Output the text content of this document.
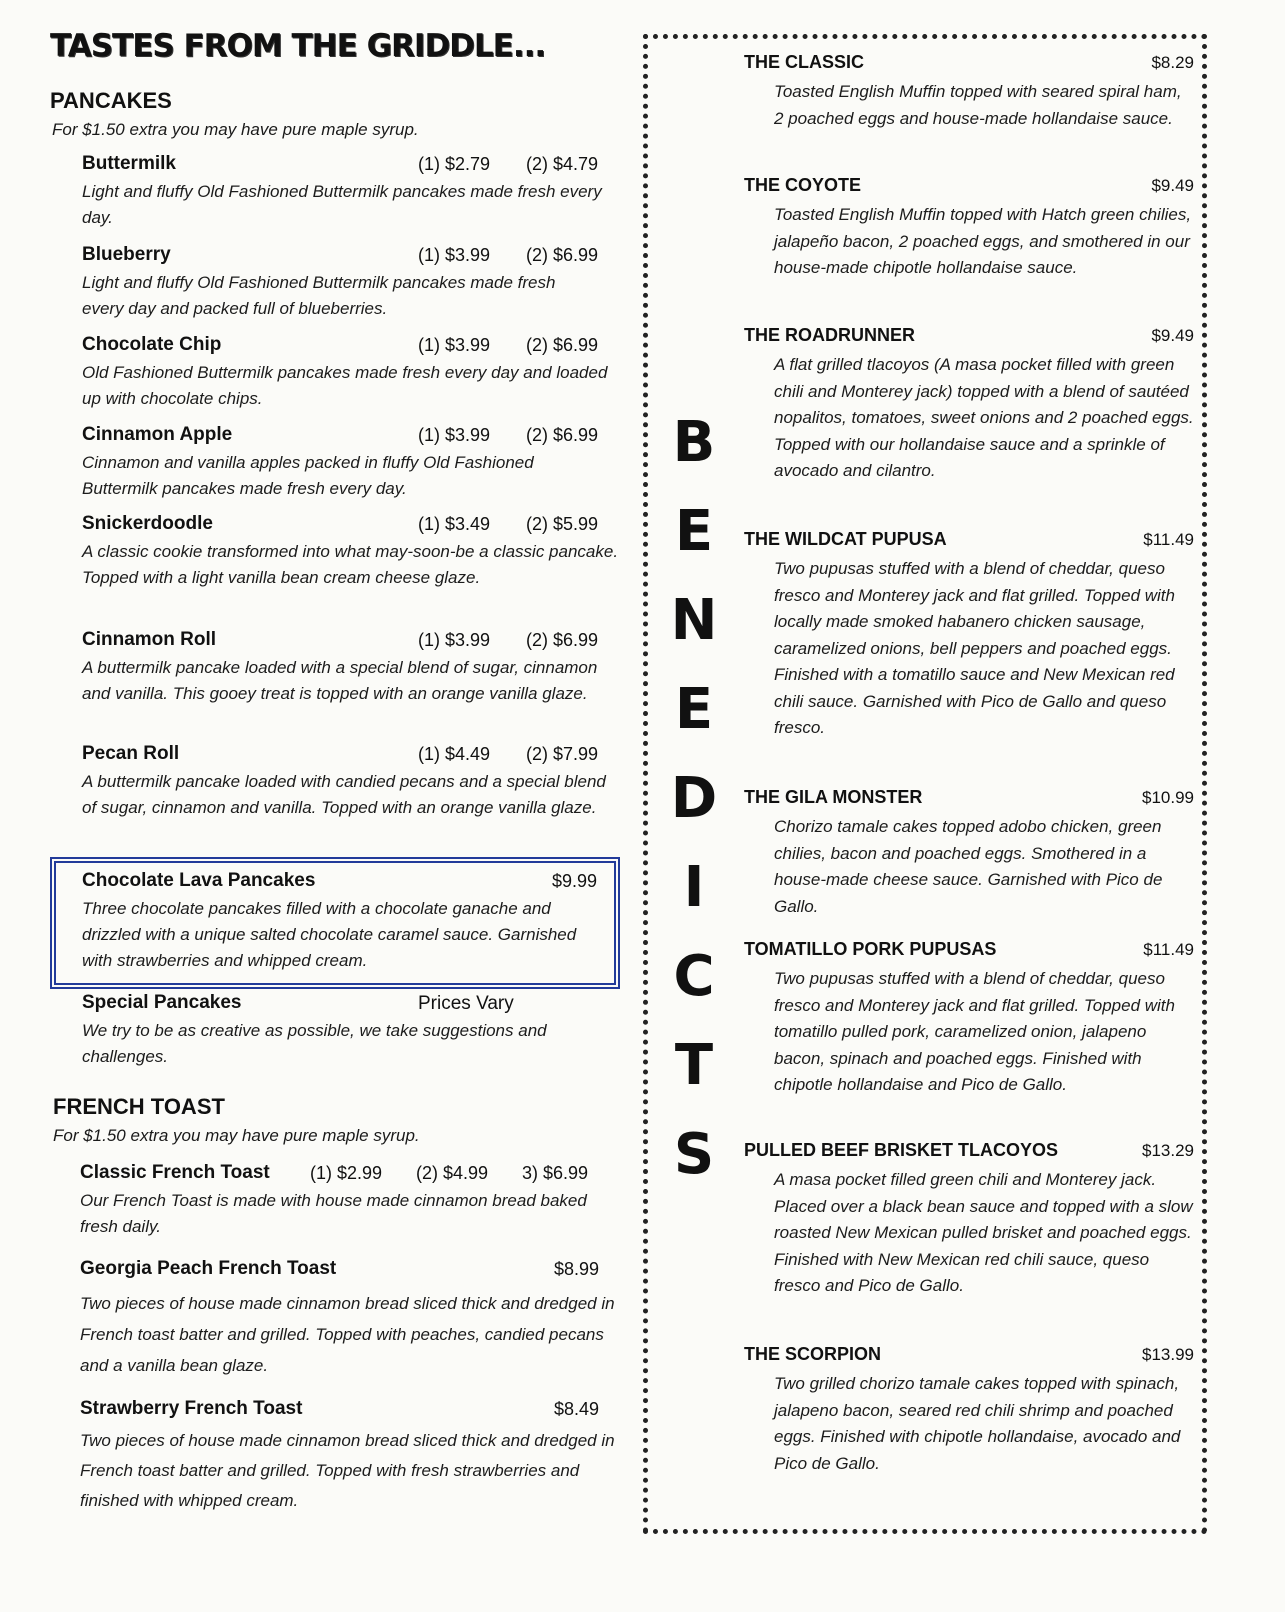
TASTES FROM THE GRIDDLE...
PANCAKES
For $1.50 extra you may have pure maple syrup.
Buttermilk	(1) $2.79 (2) $4.79
Light and fluffy Old Fashioned Buttermilk pancakes made fresh every day.
Blueberry	(1) $3.99 (2) $6.99
Light and fluffy Old Fashioned Buttermilk pancakes made fresh every day and packed full of blueberries.
Chocolate Chip	(1) $3.99 (2) $6.99
Old Fashioned Buttermilk pancakes made fresh every day and loaded up with chocolate chips.
Cinnamon Apple	(1) $3.99 (2) $6.99
Cinnamon and vanilla apples packed in fluffy Old Fashioned Buttermilk pancakes made fresh every day.
Snickerdoodle	(1) $3.49 (2) $5.99
A classic cookie transformed into what may-soon-be a classic pancake. Topped with a light vanilla bean cream cheese glaze.
Cinnamon Roll	(1) $3.99 (2) $6.99
A buttermilk pancake loaded with a special blend of sugar, cinnamon and vanilla. This gooey treat is topped with an orange vanilla glaze.
Pecan Roll	(1) $4.49 (2) $7.99
A buttermilk pancake loaded with candied pecans and a special blend of sugar, cinnamon and vanilla. Topped with an orange vanilla glaze.
Chocolate Lava Pancakes	$9.99
Three chocolate pancakes filled with a chocolate ganache and drizzled with a unique salted chocolate caramel sauce. Garnished with strawberries and whipped cream.
Special Pancakes	Prices Vary
We try to be as creative as possible, we take suggestions and challenges.
FRENCH TOAST
For $1.50 extra you may have pure maple syrup.
Classic French Toast (1) $2.99 (2) $4.99 3) $6.99
Our French Toast is made with house made cinnamon bread baked fresh daily.
Georgia Peach French Toast	$8.99
Two pieces of house made cinnamon bread sliced thick and dredged in French toast batter and grilled. Topped with peaches, candied pecans and a vanilla bean glaze.
Strawberry French Toast	$8.49
Two pieces of house made cinnamon bread sliced thick and dredged in French toast batter and grilled. Topped with fresh strawberries and finished with whipped cream.
B
E
N
E
D
I
C
T
S
THE CLASSIC	$8.29
Toasted English Muffin topped with seared spiral ham, 2 poached eggs and house-made hollandaise sauce.
THE COYOTE	$9.49
Toasted English Muffin topped with Hatch green chilies, jalapeño bacon, 2 poached eggs, and smothered in our house-made chipotle hollandaise sauce.
THE ROADRUNNER	$9.49
A flat grilled tlacoyos (A masa pocket filled with green chili and Monterey jack) topped with a blend of sautéed nopalitos, tomatoes, sweet onions and 2 poached eggs. Topped with our hollandaise sauce and a sprinkle of avocado and cilantro.
THE WILDCAT PUPUSA	$11.49
Two pupusas stuffed with a blend of cheddar, queso fresco and Monterey jack and flat grilled. Topped with locally made smoked habanero chicken sausage, caramelized onions, bell peppers and poached eggs. Finished with a tomatillo sauce and New Mexican red chili sauce. Garnished with Pico de Gallo and queso fresco.
THE GILA MONSTER	$10.99
Chorizo tamale cakes topped adobo chicken, green chilies, bacon and poached eggs. Smothered in a house-made cheese sauce. Garnished with Pico de Gallo.
TOMATILLO PORK PUPUSAS	$11.49
Two pupusas stuffed with a blend of cheddar, queso fresco and Monterey jack and flat grilled. Topped with tomatillo pulled pork, caramelized onion, jalapeno bacon, spinach and poached eggs. Finished with chipotle hollandaise and Pico de Gallo.
PULLED BEEF BRISKET TLACOYOS	$13.29
A masa pocket filled green chili and Monterey jack. Placed over a black bean sauce and topped with a slow roasted New Mexican pulled brisket and poached eggs. Finished with New Mexican red chili sauce, queso fresco and Pico de Gallo.
THE SCORPION	$13.99
Two grilled chorizo tamale cakes topped with spinach, jalapeno bacon, seared red chili shrimp and poached eggs. Finished with chipotle hollandaise, avocado and Pico de Gallo.
